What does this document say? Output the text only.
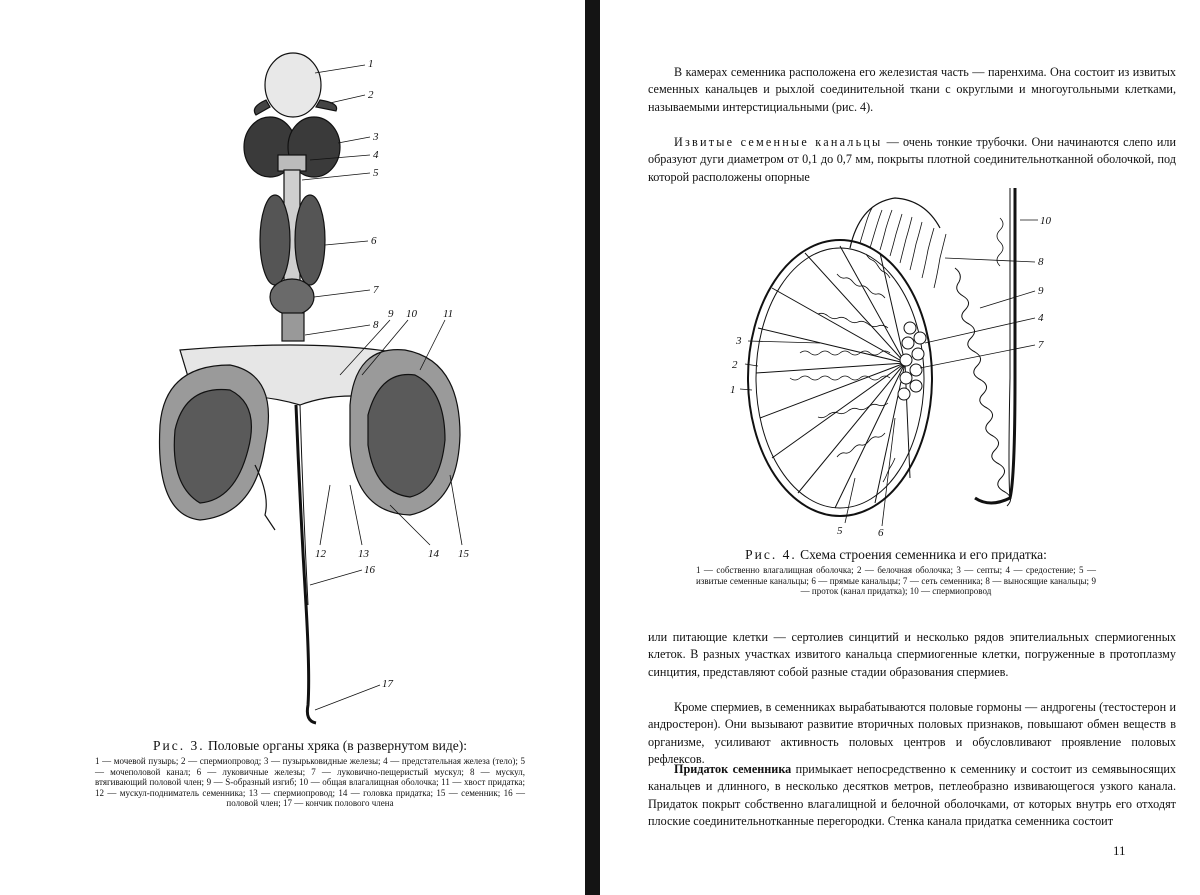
1
2
3
4
5
6
7
8
9 10 11
12	13	14 15
16
17
Рис. 3. Половые органы хряка (в развернутом виде):
1 — мочевой пузырь; 2 — спермиопровод; 3 — пузырьковидные железы; 4 — предстательная железа (тело); 5 — мочеполовой канал; 6 — луковичные железы; 7 — луковично-пещеристый мускул; 8 — мускул, втягивающий половой член; 9 — S-образный изгиб; 10 — общая влагалищная оболочка; 11 — хвост придатка; 12 — мускул-подниматель семенника; 13 — спермиопровод; 14 — головка придатка; 15 — семенник; 16 — половой член; 17 — кончик полового члена

В камерах семенника расположена его железистая часть — паренхима. Она состоит из извитых семенных канальцев и рыхлой соединительной ткани с округлыми и многоугольными клетками, называемыми интерстициальными (рис. 4).

Извитые семенные канальцы — очень тонкие трубочки. Они начинаются слепо или образуют дуги диаметром от 0,1 до 0,7 мм, покрыты плотной соединительнотканной оболочкой, под которой расположены опорные

1
2
3
4
5	6
7
8
9
10
Рис. 4. Схема строения семенника и его придатка:
1 — собственно влагалищная оболочка; 2 — белочная оболочка; 3 — септы; 4 — средостение; 5 — извитые семенные канальцы; 6 — прямые канальцы; 7 — сеть семенника; 8 — выносящие канальцы; 9 — проток (канал придатка); 10 — спермиопровод

или питающие клетки — сертолиев синцитий и несколько рядов эпителиальных спермиогенных клеток. В разных участках извитого канальца спермиогенные клетки, погруженные в протоплазму синцития, представляют собой разные стадии образования спермиев.

Кроме спермиев, в семенниках вырабатываются половые гормоны — андрогены (тестостерон и андростерон). Они вызывают развитие вторичных половых признаков, повышают обмен веществ в организме, усиливают активность половых центров и обусловливают проявление половых рефлексов.

Придаток семенника примыкает непосредственно к семеннику и состоит из семявыносящих канальцев и длинного, в несколько десятков метров, петлеобразно извивающегося узкого канала. Придаток покрыт собственно влагалищной и белочной оболочками, от которых внутрь его отходят плоские соединительнотканные перегородки. Стенка канала придатка семенника состоит

11
